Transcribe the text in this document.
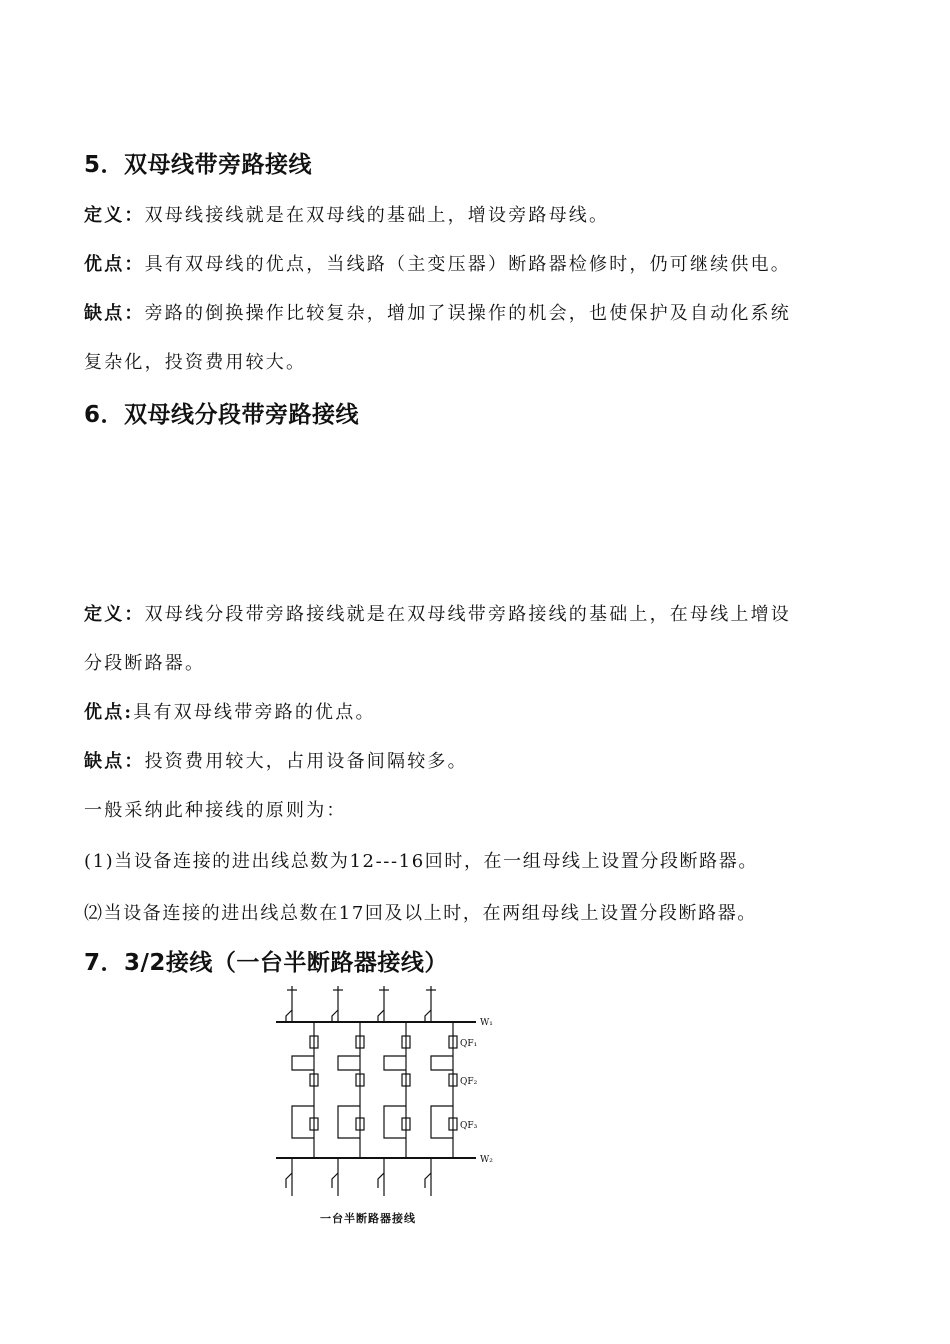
5．双母线带旁路接线
定义：双母线接线就是在双母线的基础上，增设旁路母线。
优点：具有双母线的优点，当线路（主变压器）断路器检修时，仍可继续供电。
缺点：旁路的倒换操作比较复杂，增加了误操作的机会，也使保护及自动化系统
复杂化，投资费用较大。
6．双母线分段带旁路接线
定义：双母线分段带旁路接线就是在双母线带旁路接线的基础上，在母线上增设
分段断路器。
优点:具有双母线带旁路的优点。
缺点：投资费用较大，占用设备间隔较多。
一般采纳此种接线的原则为：
(1)当设备连接的进出线总数为12---16回时，在一组母线上设置分段断路器。
⑵当设备连接的进出线总数在17回及以上时，在两组母线上设置分段断路器。
7．3/2接线（一台半断路器接线）
W₁
W₂
QF₁
QF₂
QF₃
一台半断路器接线
